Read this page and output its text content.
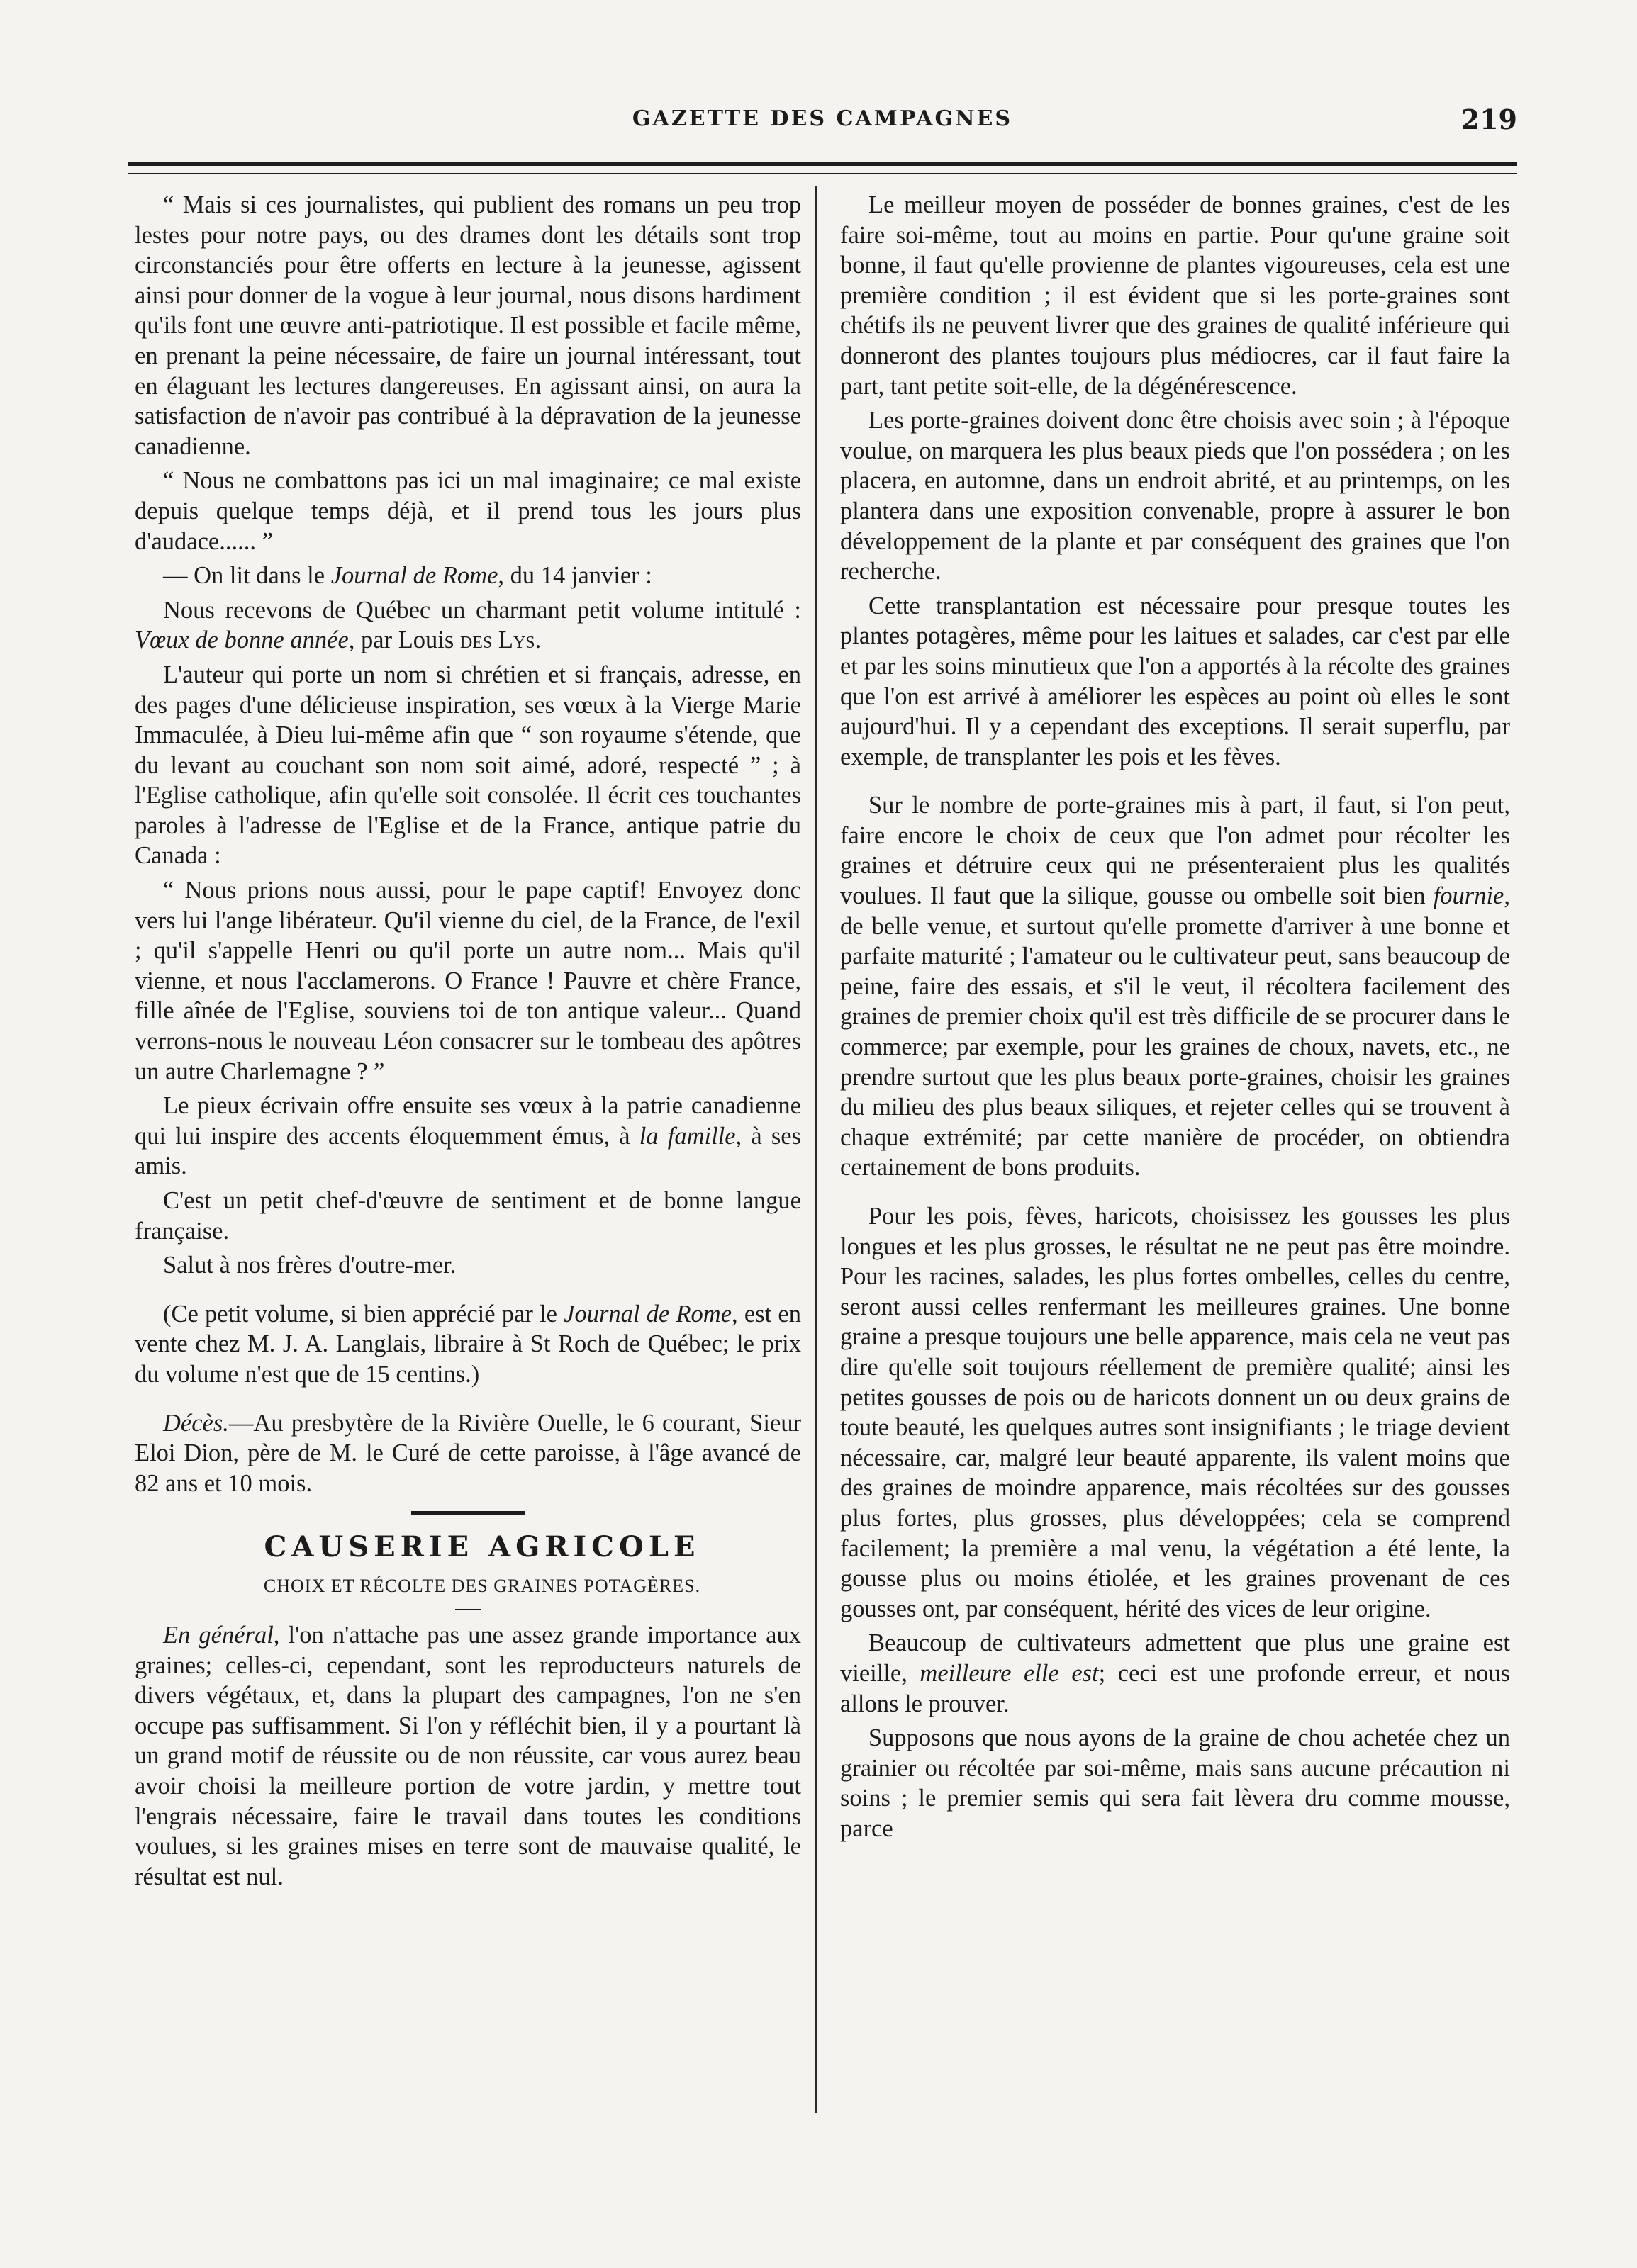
GAZETTE DES CAMPAGNES	219

“ Mais si ces journalistes, qui publient des romans un peu trop lestes pour notre pays, ou des drames dont les détails sont trop circonstanciés pour être offerts en lecture à la jeunesse, agissent ainsi pour donner de la vogue à leur journal, nous disons hardiment qu'ils font une œuvre anti-patriotique. Il est possible et facile même, en prenant la peine nécessaire, de faire un journal intéressant, tout en élaguant les lectures dangereuses. En agissant ainsi, on aura la satisfaction de n'avoir pas contribué à la dépravation de la jeunesse canadienne.

“ Nous ne combattons pas ici un mal imaginaire; ce mal existe depuis quelque temps déjà, et il prend tous les jours plus d'audace...... ”

— On lit dans le Journal de Rome, du 14 janvier :

Nous recevons de Québec un charmant petit volume intitulé : Vœux de bonne année, par Louis des Lys.

L'auteur qui porte un nom si chrétien et si français, adresse, en des pages d'une délicieuse inspiration, ses vœux à la Vierge Marie Immaculée, à Dieu lui-même afin que “ son royaume s'étende, que du levant au couchant son nom soit aimé, adoré, respecté ” ; à l'Eglise catholique, afin qu'elle soit consolée. Il écrit ces touchantes paroles à l'adresse de l'Eglise et de la France, antique patrie du Canada :

“ Nous prions nous aussi, pour le pape captif! Envoyez donc vers lui l'ange libérateur. Qu'il vienne du ciel, de la France, de l'exil ; qu'il s'appelle Henri ou qu'il porte un autre nom... Mais qu'il vienne, et nous l'acclamerons. O France ! Pauvre et chère France, fille aînée de l'Eglise, souviens toi de ton antique valeur... Quand verrons-nous le nouveau Léon consacrer sur le tombeau des apôtres un autre Charlemagne ? ”

Le pieux écrivain offre ensuite ses vœux à la patrie canadienne qui lui inspire des accents éloquemment émus, à la famille, à ses amis.

C'est un petit chef-d'œuvre de sentiment et de bonne langue française.

Salut à nos frères d'outre-mer.

(Ce petit volume, si bien apprécié par le Journal de Rome, est en vente chez M. J. A. Langlais, libraire à St Roch de Québec; le prix du volume n'est que de 15 centins.)

Décès.—Au presbytère de la Rivière Ouelle, le 6 courant, Sieur Eloi Dion, père de M. le Curé de cette paroisse, à l'âge avancé de 82 ans et 10 mois.

CAUSERIE AGRICOLE

CHOIX ET RÉCOLTE DES GRAINES POTAGÈRES.

En général, l'on n'attache pas une assez grande importance aux graines; celles-ci, cependant, sont les reproducteurs naturels de divers végétaux, et, dans la plupart des campagnes, l'on ne s'en occupe pas suffisamment. Si l'on y réfléchit bien, il y a pourtant là un grand motif de réussite ou de non réussite, car vous aurez beau avoir choisi la meilleure portion de votre jardin, y mettre tout l'engrais nécessaire, faire le travail dans toutes les conditions voulues, si les graines mises en terre sont de mauvaise qualité, le résultat est nul.

Le meilleur moyen de posséder de bonnes graines, c'est de les faire soi-même, tout au moins en partie. Pour qu'une graine soit bonne, il faut qu'elle provienne de plantes vigoureuses, cela est une première condition ; il est évident que si les porte-graines sont chétifs ils ne peuvent livrer que des graines de qualité inférieure qui donneront des plantes toujours plus médiocres, car il faut faire la part, tant petite soit-elle, de la dégénérescence.

Les porte-graines doivent donc être choisis avec soin ; à l'époque voulue, on marquera les plus beaux pieds que l'on possédera ; on les placera, en automne, dans un endroit abrité, et au printemps, on les plantera dans une exposition convenable, propre à assurer le bon développement de la plante et par conséquent des graines que l'on recherche.

Cette transplantation est nécessaire pour presque toutes les plantes potagères, même pour les laitues et salades, car c'est par elle et par les soins minutieux que l'on a apportés à la récolte des graines que l'on est arrivé à améliorer les espèces au point où elles le sont aujourd'hui. Il y a cependant des exceptions. Il serait superflu, par exemple, de transplanter les pois et les fèves.

Sur le nombre de porte-graines mis à part, il faut, si l'on peut, faire encore le choix de ceux que l'on admet pour récolter les graines et détruire ceux qui ne présenteraient plus les qualités voulues. Il faut que la silique, gousse ou ombelle soit bien fournie, de belle venue, et surtout qu'elle promette d'arriver à une bonne et parfaite maturité ; l'amateur ou le cultivateur peut, sans beaucoup de peine, faire des essais, et s'il le veut, il récoltera facilement des graines de premier choix qu'il est très difficile de se procurer dans le commerce; par exemple, pour les graines de choux, navets, etc., ne prendre surtout que les plus beaux porte-graines, choisir les graines du milieu des plus beaux siliques, et rejeter celles qui se trouvent à chaque extrémité; par cette manière de procéder, on obtiendra certainement de bons produits.

Pour les pois, fèves, haricots, choisissez les gousses les plus longues et les plus grosses, le résultat ne ne peut pas être moindre. Pour les racines, salades, les plus fortes ombelles, celles du centre, seront aussi celles renfermant les meilleures graines. Une bonne graine a presque toujours une belle apparence, mais cela ne veut pas dire qu'elle soit toujours réellement de première qualité; ainsi les petites gousses de pois ou de haricots donnent un ou deux grains de toute beauté, les quelques autres sont insignifiants ; le triage devient nécessaire, car, malgré leur beauté apparente, ils valent moins que des graines de moindre apparence, mais récoltées sur des gousses plus fortes, plus grosses, plus développées; cela se comprend facilement; la première a mal venu, la végétation a été lente, la gousse plus ou moins étiolée, et les graines provenant de ces gousses ont, par conséquent, hérité des vices de leur origine.

Beaucoup de cultivateurs admettent que plus une graine est vieille, meilleure elle est; ceci est une profonde erreur, et nous allons le prouver.

Supposons que nous ayons de la graine de chou achetée chez un grainier ou récoltée par soi-même, mais sans aucune précaution ni soins ; le premier semis qui sera fait lèvera dru comme mousse, parce
